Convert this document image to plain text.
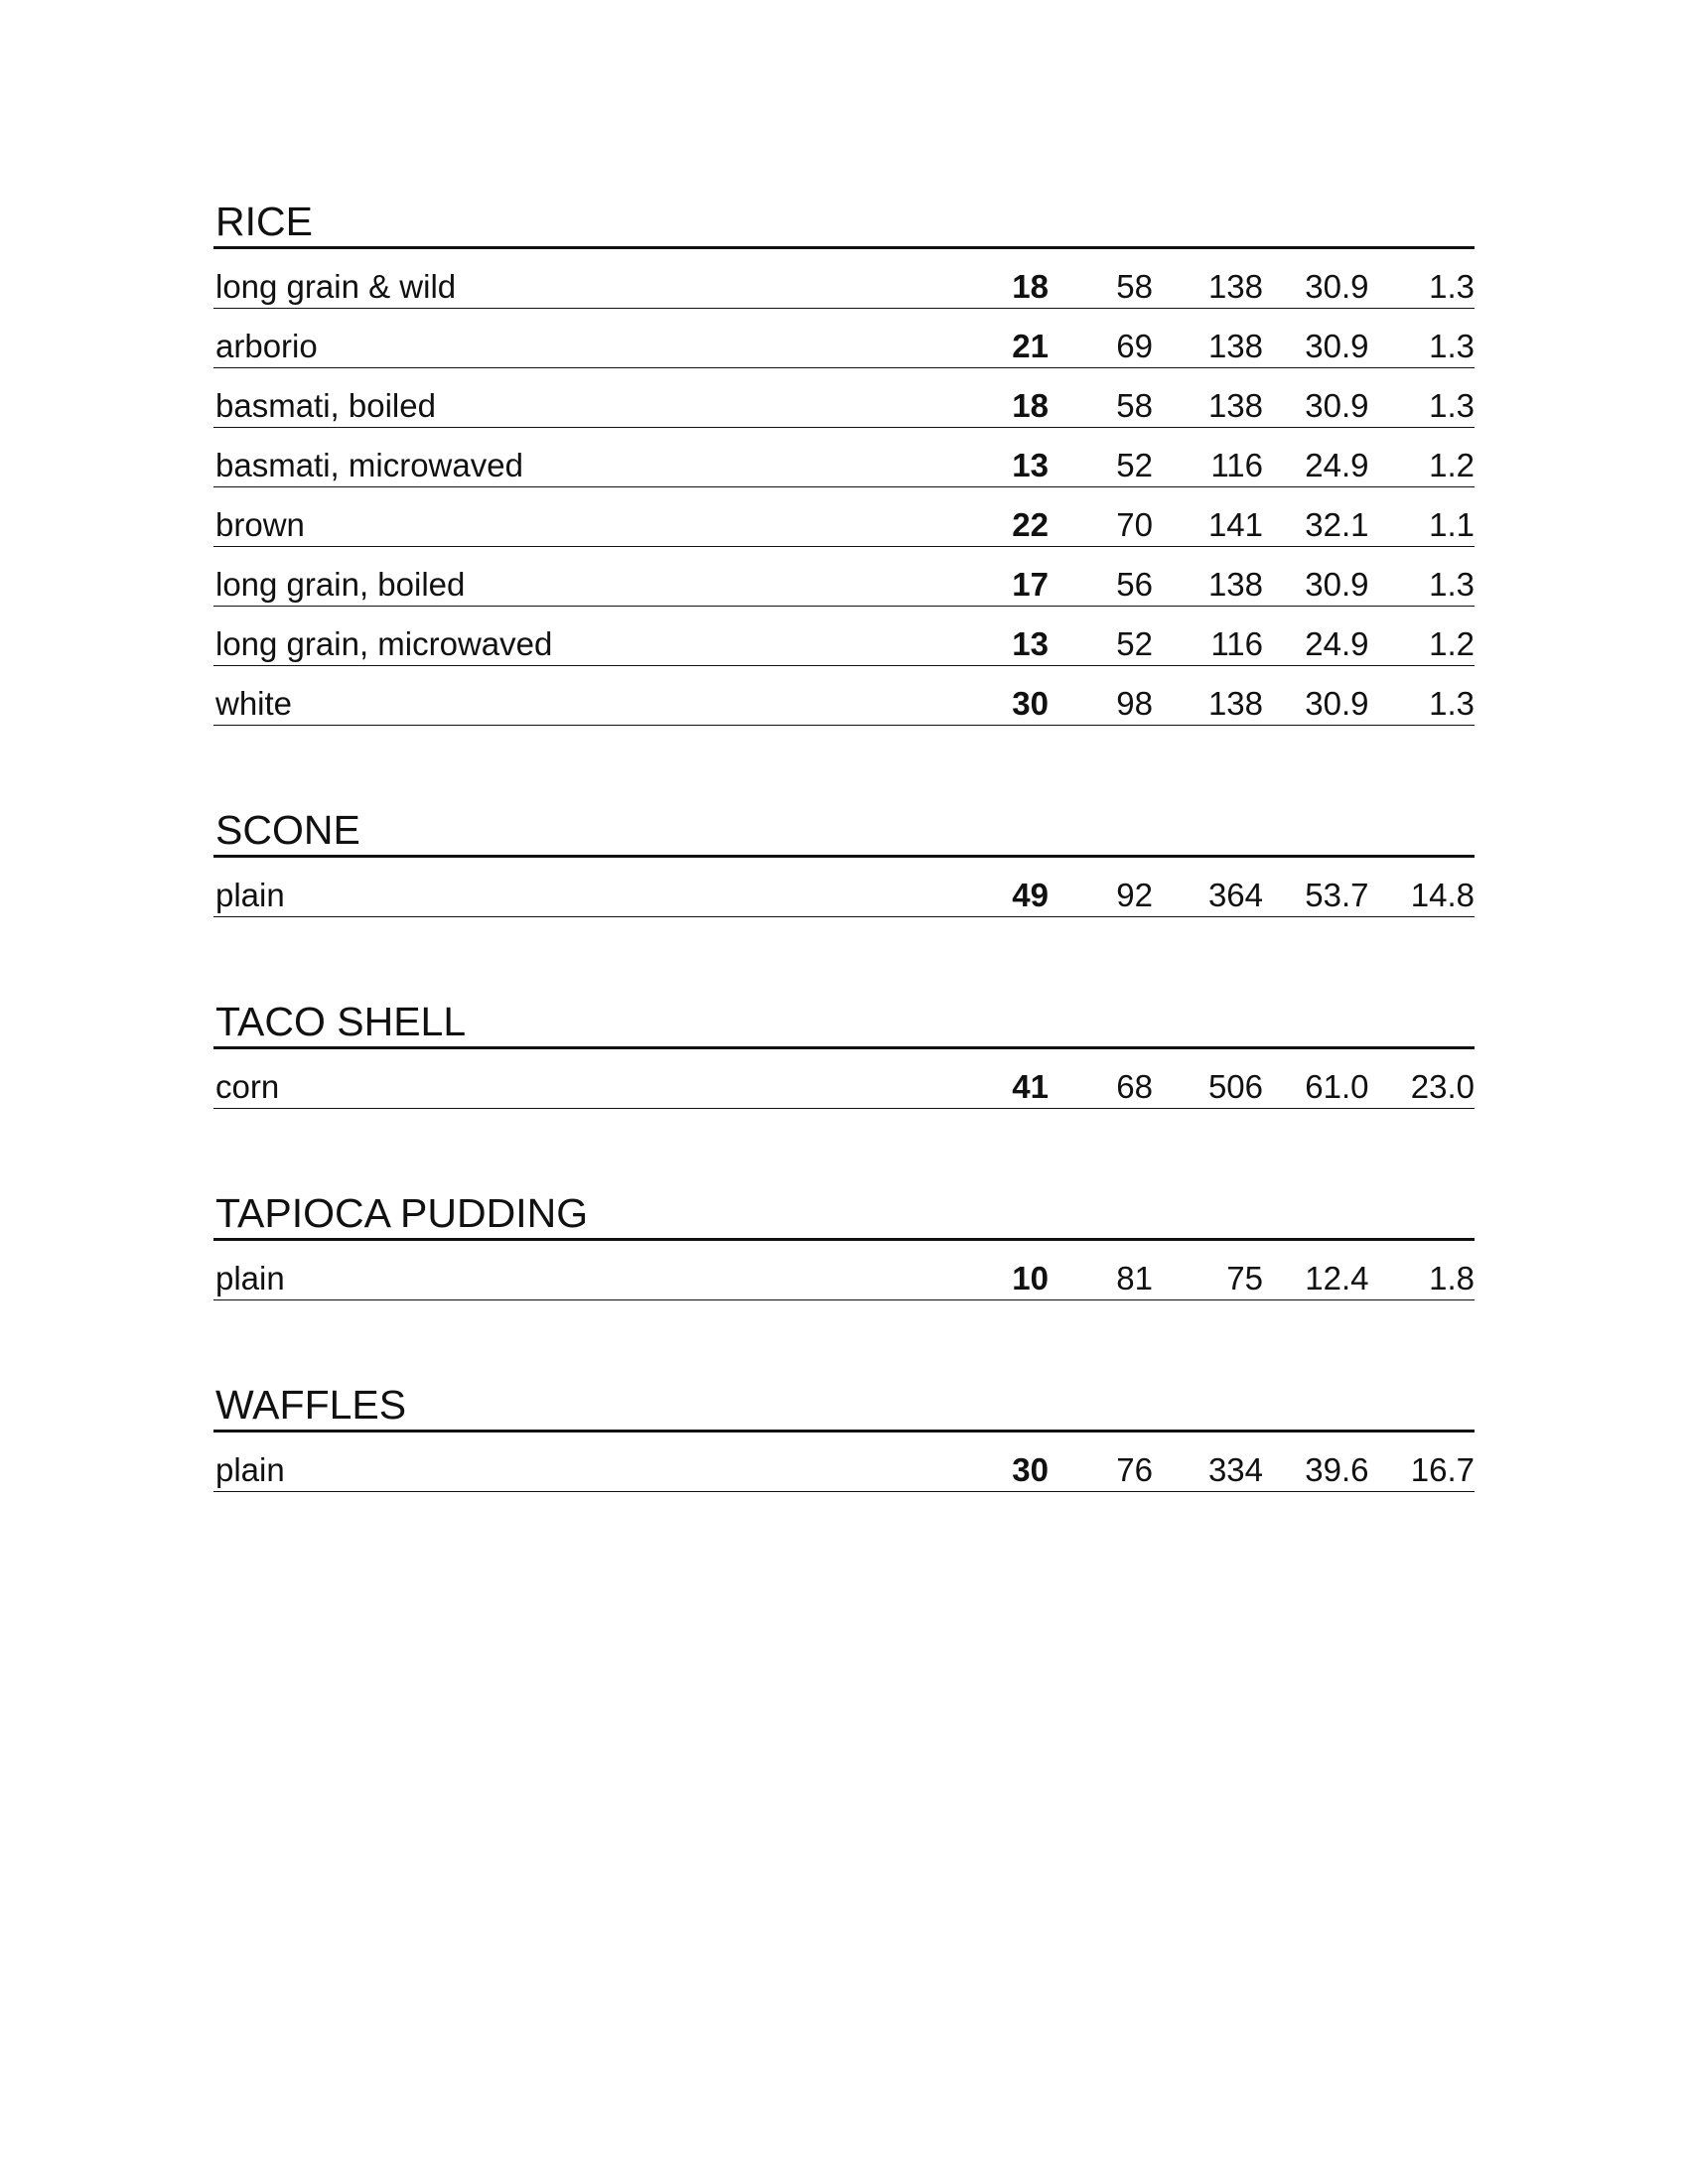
RICE
long grain & wild	18	58	138	30.9	1.3
arborio	21	69	138	30.9	1.3
basmati, boiled	18	58	138	30.9	1.3
basmati, microwaved	13	52	116	24.9	1.2
brown	22	70	141	32.1	1.1
long grain, boiled	17	56	138	30.9	1.3
long grain, microwaved	13	52	116	24.9	1.2
white	30	98	138	30.9	1.3
SCONE
plain	49	92	364	53.7	14.8
TACO SHELL
corn	41	68	506	61.0	23.0
TAPIOCA PUDDING
plain	10	81	75	12.4	1.8
WAFFLES
plain	30	76	334	39.6	16.7
